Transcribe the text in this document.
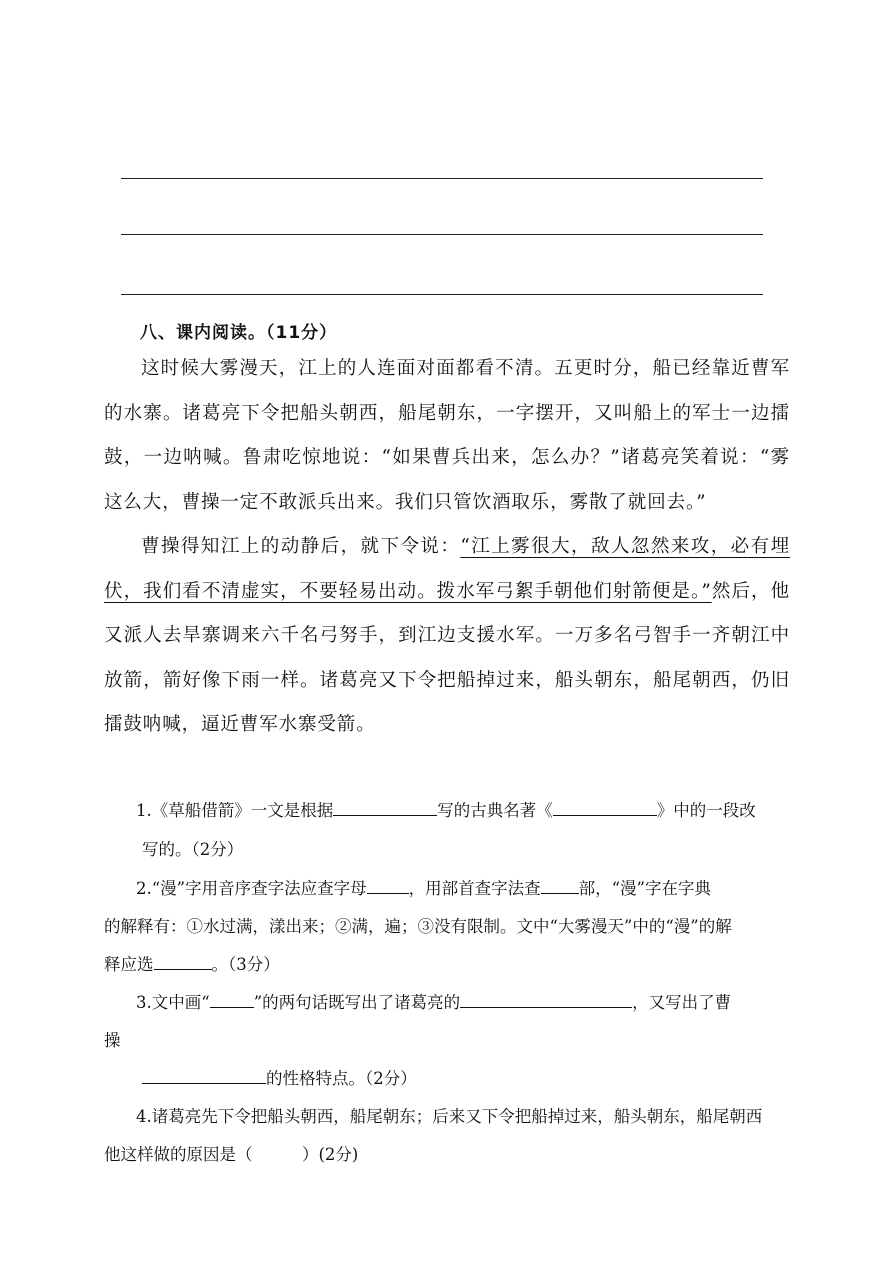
八、课内阅读。（11分）

这时候大雾漫天，江上的人连面对面都看不清。五更时分，船已经靠近曹军的水寨。诸葛亮下令把船头朝西，船尾朝东，一字摆开，又叫船上的军士一边擂鼓，一边呐喊。鲁肃吃惊地说：“如果曹兵出来，怎么办？”诸葛亮笑着说：“雾这么大，曹操一定不敢派兵出来。我们只管饮酒取乐，雾散了就回去。”

曹操得知江上的动静后，就下令说：“江上雾很大，敌人忽然来攻，必有埋伏，我们看不清虚实，不要轻易出动。拨水军弓絮手朝他们射箭便是。”然后，他又派人去旱寨调来六千名弓努手，到江边支援水军。一万多名弓智手一齐朝江中放箭，箭好像下雨一样。诸葛亮又下令把船掉过来，船头朝东，船尾朝西，仍旧擂鼓呐喊，逼近曹军水寨受箭。

1.《草船借箭》一文是根据	写的古典名著《	》中的一段改
写的。（2分）
2.“漫”字用音序查字法应查字母	，用部首查字法查 部，“漫”字在字典
的解释有：①水过满，漾出来；②满，遍；③没有限制。文中“大雾漫天”中的“漫”的解
释应选	。（3分）
3.文中画“	”的两句话既写出了诸葛亮的	，又写出了曹
操
的性格特点。（2分）
4.诸葛亮先下令把船头朝西，船尾朝东；后来又下令把船掉过来，船头朝东，船尾朝西
他这样做的原因是（　　　）(2分)
